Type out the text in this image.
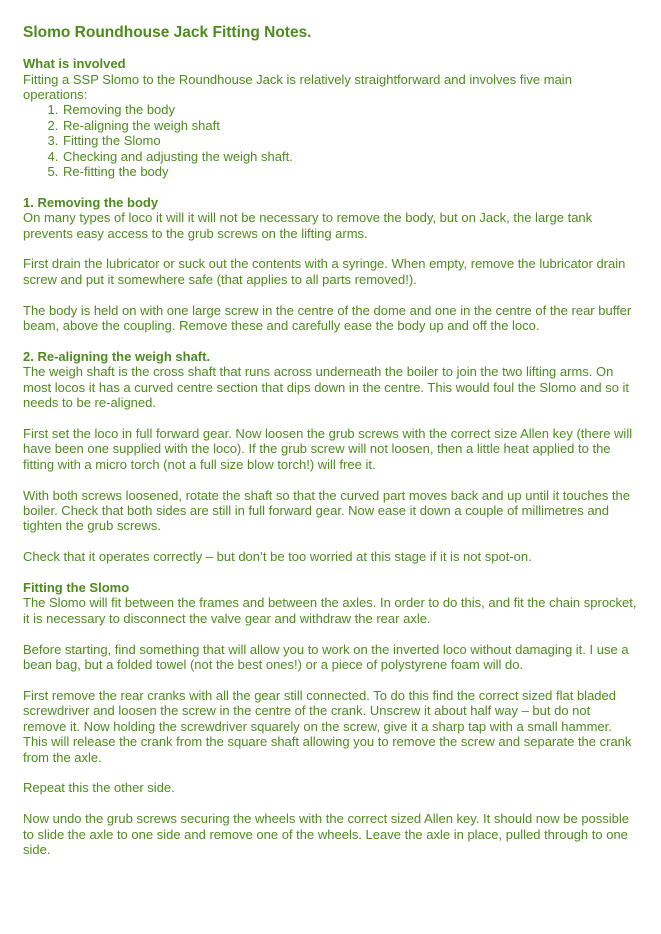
Slomo Roundhouse Jack Fitting Notes.
What is involved
Fitting a SSP Slomo to the Roundhouse Jack is relatively straightforward and involves five main operations:
1. Removing the body
2. Re-aligning the weigh shaft
3. Fitting the Slomo
4. Checking and adjusting the weigh shaft.
5. Re-fitting the body
1. Removing the body
On many types of loco it will it will not be necessary to remove the body, but on Jack, the large tank prevents easy access to the grub screws on the lifting arms.
First drain the lubricator or suck out the contents with a syringe. When empty, remove the lubricator drain screw and put it somewhere safe (that applies to all parts removed!).
The body is held on with one large screw in the centre of the dome and one in the centre of the rear buffer beam, above the coupling. Remove these and carefully ease the body up and off the loco.
2. Re-aligning the weigh shaft.
The weigh shaft is the cross shaft that runs across underneath the boiler to join the two lifting arms. On most locos it has a curved centre section that dips down in the centre. This would foul the Slomo and so it needs to be re-aligned.
First set the loco in full forward gear. Now loosen the grub screws with the correct size Allen key (there will have been one supplied with the loco). If the grub screw will not loosen, then a little heat applied to the fitting with a micro torch (not a full size blow torch!) will free it.
With both screws loosened, rotate the shaft so that the curved part moves back and up until it touches the boiler. Check that both sides are still in full forward gear. Now ease it down a couple of millimetres and tighten the grub screws.
Check that it operates correctly – but don’t be too worried at this stage if it is not spot-on.
Fitting the Slomo
The Slomo will fit between the frames and between the axles. In order to do this, and fit the chain sprocket, it is necessary to disconnect the valve gear and withdraw the rear axle.
Before starting, find something that will allow you to work on the inverted loco without damaging it. I use a bean bag, but a folded towel (not the best ones!) or a piece of polystyrene foam will do.
First remove the rear cranks with all the gear still connected. To do this find the correct sized flat bladed screwdriver and loosen the screw in the centre of the crank. Unscrew it about half way – but do not remove it. Now holding the screwdriver squarely on the screw, give it a sharp tap with a small hammer. This will release the crank from the square shaft allowing you to remove the screw and separate the crank from the axle.
Repeat this the other side.
Now undo the grub screws securing the wheels with the correct sized Allen key. It should now be possible to slide the axle to one side and remove one of the wheels. Leave the axle in place, pulled through to one side.
